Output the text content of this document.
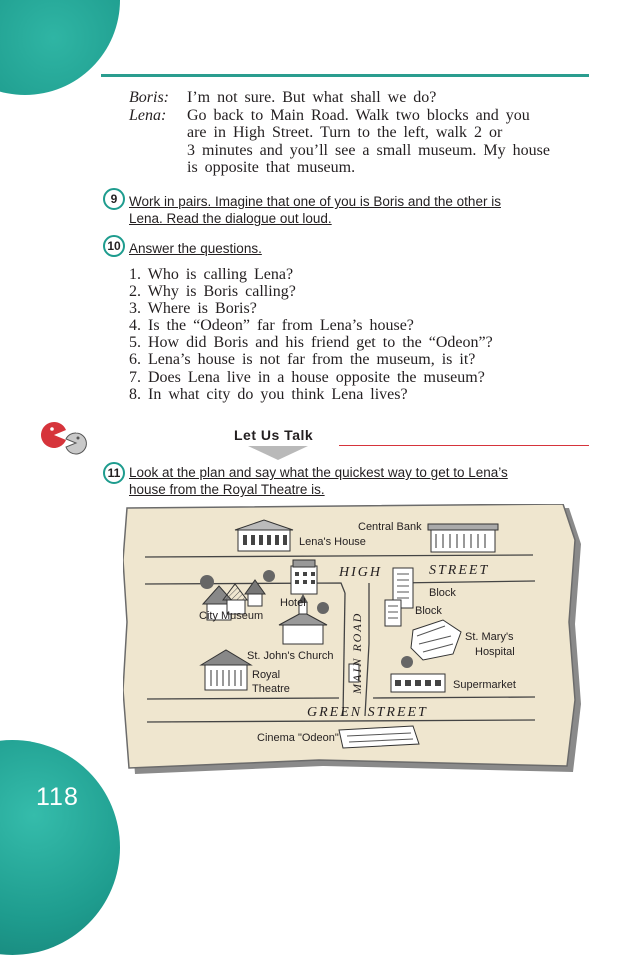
118
Boris:	I’m not sure. But what shall we do?
Lena:	Go back to Main Road. Walk two blocks and you
are in High Street. Turn to the left, walk 2 or
3 minutes and you’ll see a small museum. My house
is opposite that museum.
9 Work in pairs. Imagine that one of you is Boris and the other is
Lena. Read the dialogue out loud.
10 Answer the questions.
1. Who is calling Lena?
2. Why is Boris calling?
3. Where is Boris?
4. Is the “Odeon” far from Lena’s house?
5. How did Boris and his friend get to the “Odeon”?
6. Lena’s house is not far from the museum, is it?
7. Does Lena live in a house opposite the museum?
8. In what city do you think Lena lives?
Let Us Talk
11 Look at the plan and say what the quickest way to get to Lena’s
house from the Royal Theatre is.
Central Bank
Lena's House
HIGH	STREET
Block
Block
Hotel
City Museum
St. Mary's
Hospital
St. John's Church
Royal
Theatre	Supermarket
GREEN STREET
Cinema "Odeon"
MAIN ROAD
